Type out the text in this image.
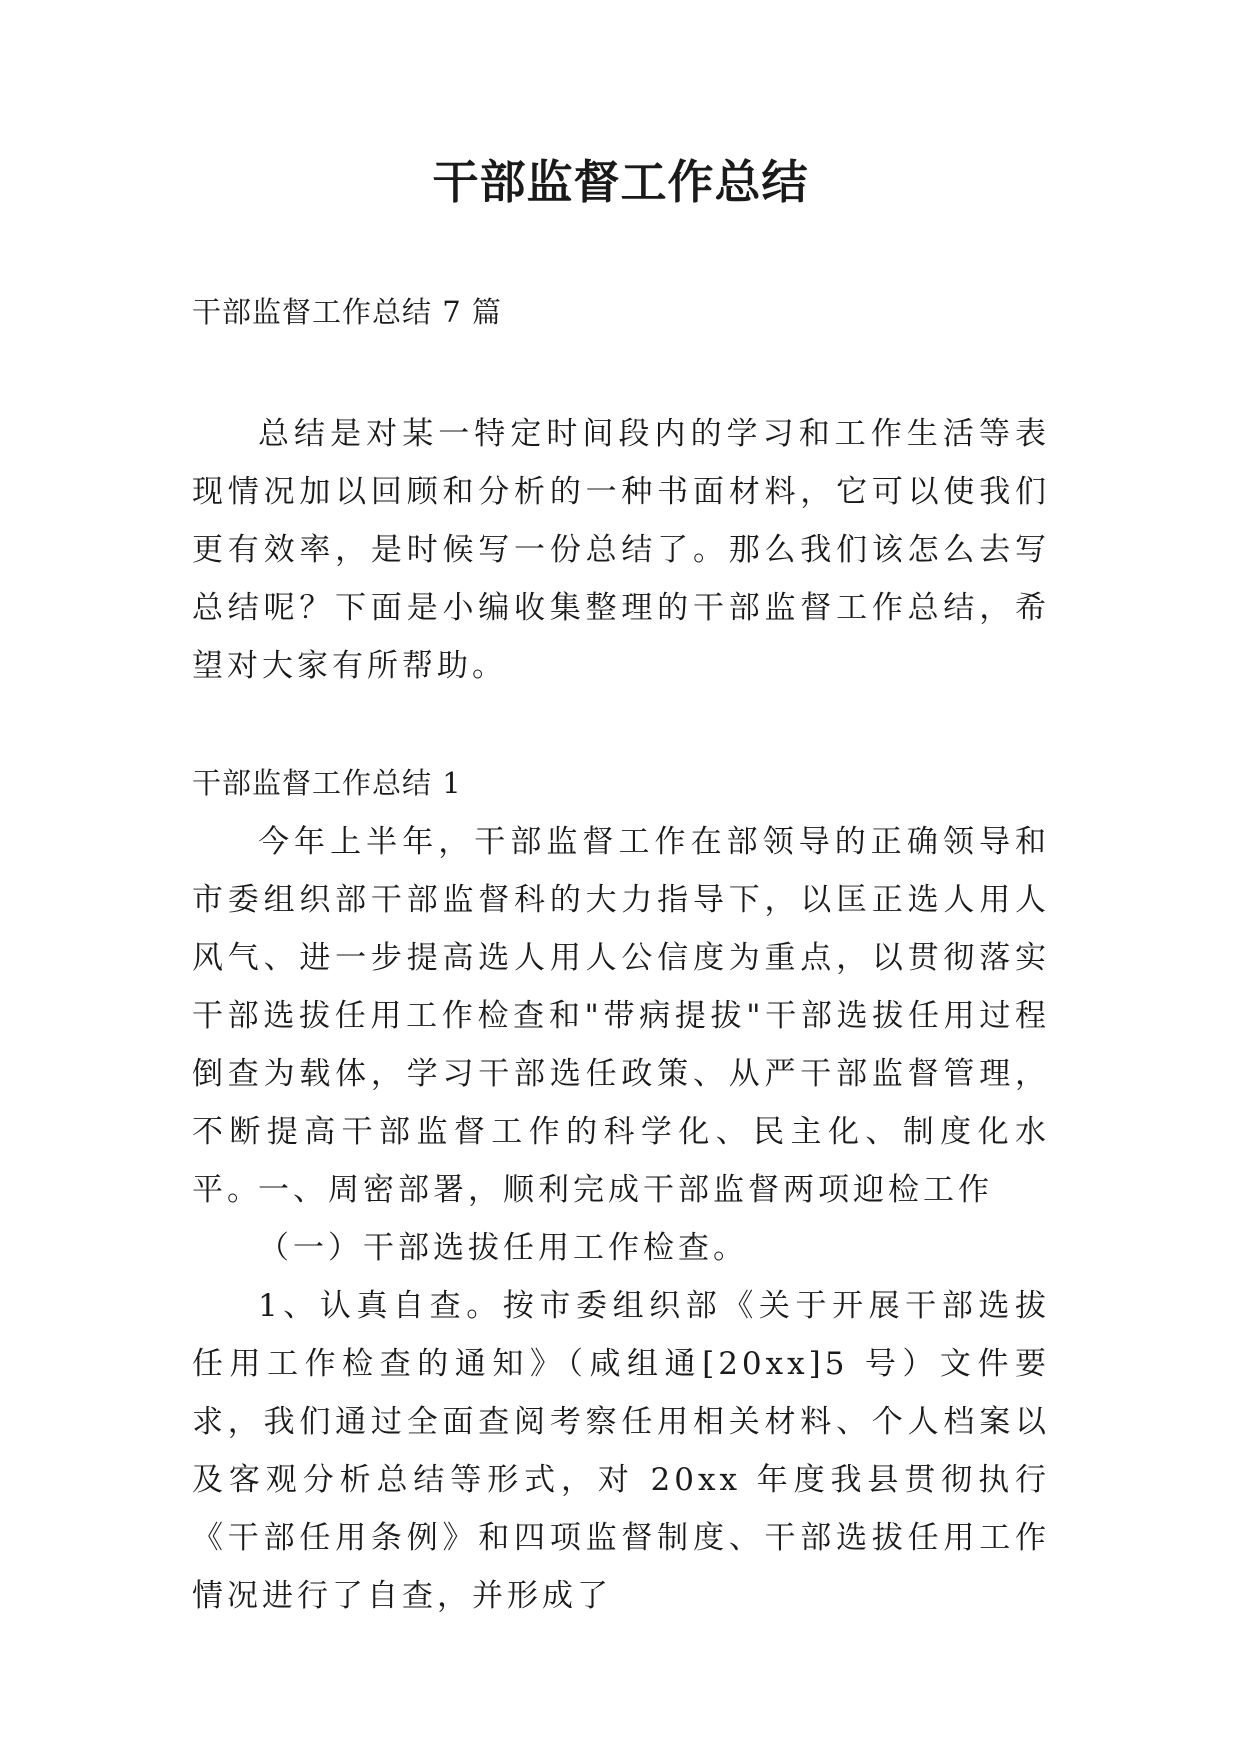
干部监督工作总结
干部监督工作总结 7 篇
总结是对某一特定时间段内的学习和工作生活等表现情况加以回顾和分析的一种书面材料，它可以使我们更有效率，是时候写一份总结了。那么我们该怎么去写总结呢？下面是小编收集整理的干部监督工作总结，希望对大家有所帮助。
干部监督工作总结 1
今年上半年，干部监督工作在部领导的正确领导和市委组织部干部监督科的大力指导下，以匡正选人用人风气、进一步提高选人用人公信度为重点，以贯彻落实干部选拔任用工作检查和"带病提拔"干部选拔任用过程倒查为载体，学习干部选任政策、从严干部监督管理，不断提高干部监督工作的科学化、民主化、制度化水平。
一、周密部署，顺利完成干部监督两项迎检工作
（一）干部选拔任用工作检查。
1、认真自查。按市委组织部《关于开展干部选拔任用工作检查的通知》（咸组通[20xx]5 号）文件要求，我们通过全面查阅考察任用相关材料、个人档案以及客观分析总结等形式，对 20xx 年度我县贯彻执行《干部任用条例》和四项监督制度、干部选拔任用工作情况进行了自查，并形成了
